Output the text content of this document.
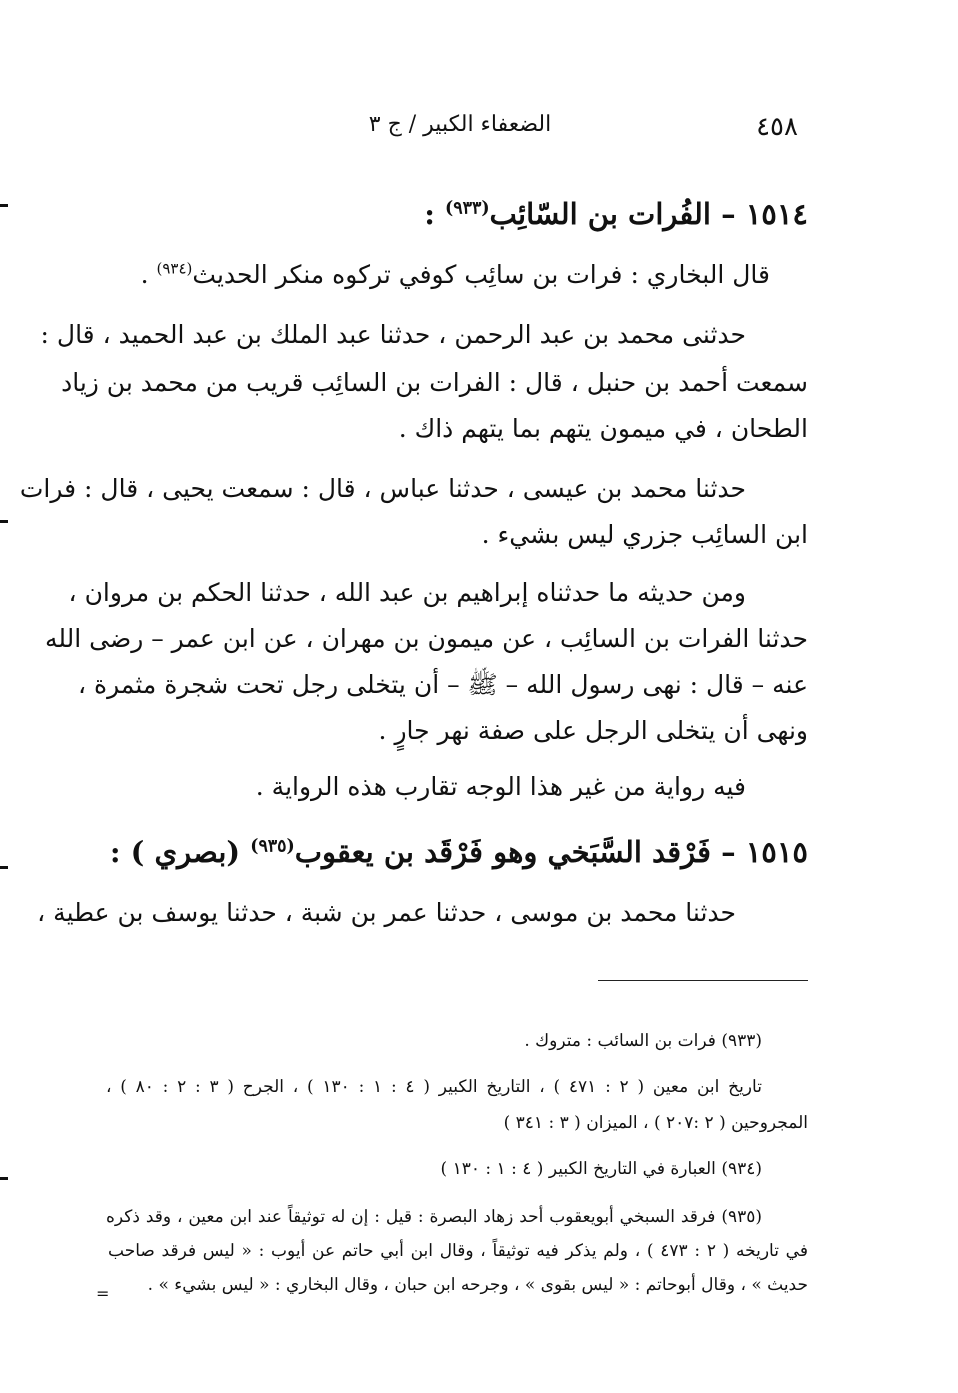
٤٥٨
الضعفاء الكبير / ج ٣
١٥١٤ – الفُرات بن السّائِب$^{(٩٣٣)}$ :
قال البخاري : فرات بن سائِب كوفي تركوه منكر الحديث$^{(٩٣٤)}$ .
حدثنى محمد بن عبد الرحمن ، حدثنا عبد الملك بن عبد الحميد ، قال :
سمعت أحمد بن حنبل ، قال : الفرات بن السائِب قريب من محمد بن زياد
الطحان ، في ميمون يتهم بما يتهم ذاك .
حدثنا محمد بن عيسى ، حدثنا عباس ، قال : سمعت يحيى ، قال : فرات
ابن السائِب جزري ليس بشيء .
ومن حديثه ما حدثناه إبراهيم بن عبد الله ، حدثنا الحكم بن مروان ،
حدثنا الفرات بن السائِب ، عن ميمون بن مهران ، عن ابن عمر – رضى الله
عنه – قال : نهى رسول الله – ﷺ – أن يتخلى رجل تحت شجرة مثمرة ،
ونهى أن يتخلى الرجل على صفة نهر جارٍ .
فيه رواية من غير هذا الوجه تقارب هذه الرواية .
١٥١٥ – فَرْقد السَّبَخي وهو فَرْقَد بن يعقوب$^{(٩٣٥)}$ (بصري ) :
حدثنا محمد بن موسى ، حدثنا عمر بن شبة ، حدثنا يوسف بن عطية ،
(٩٣٣) فرات بن السائب : متروك .
تاريخ ابن معين ( ٢ : ٤٧١ ) ، التاريخ الكبير ( ٤ : ١ : ١٣٠ ) ، الجرح ( ٣ : ٢ : ٨٠ ) ،
المجروحين ( ٢ :٢٠٧ ) ، الميزان ( ٣ : ٣٤١ )
(٩٣٤) العبارة في التاريخ الكبير ( ٤ : ١ : ١٣٠ )
(٩٣٥) فرقد السبخي أبويعقوب أحد زهاد البصرة : قيل : إن له توثيقاً عند ابن معين ، وقد ذكره
في تاريخه ( ٢ : ٤٧٣ ) ، ولم يذكر فيه توثيقاً ، وقال ابن أبي حاتم عن أيوب : « ليس فرقد صاحب
حديث » ، وقال أبوحاتم : « ليس بقوى » ، وجرحه ابن حبان ، وقال البخاري : « ليس بشيء » .
=
